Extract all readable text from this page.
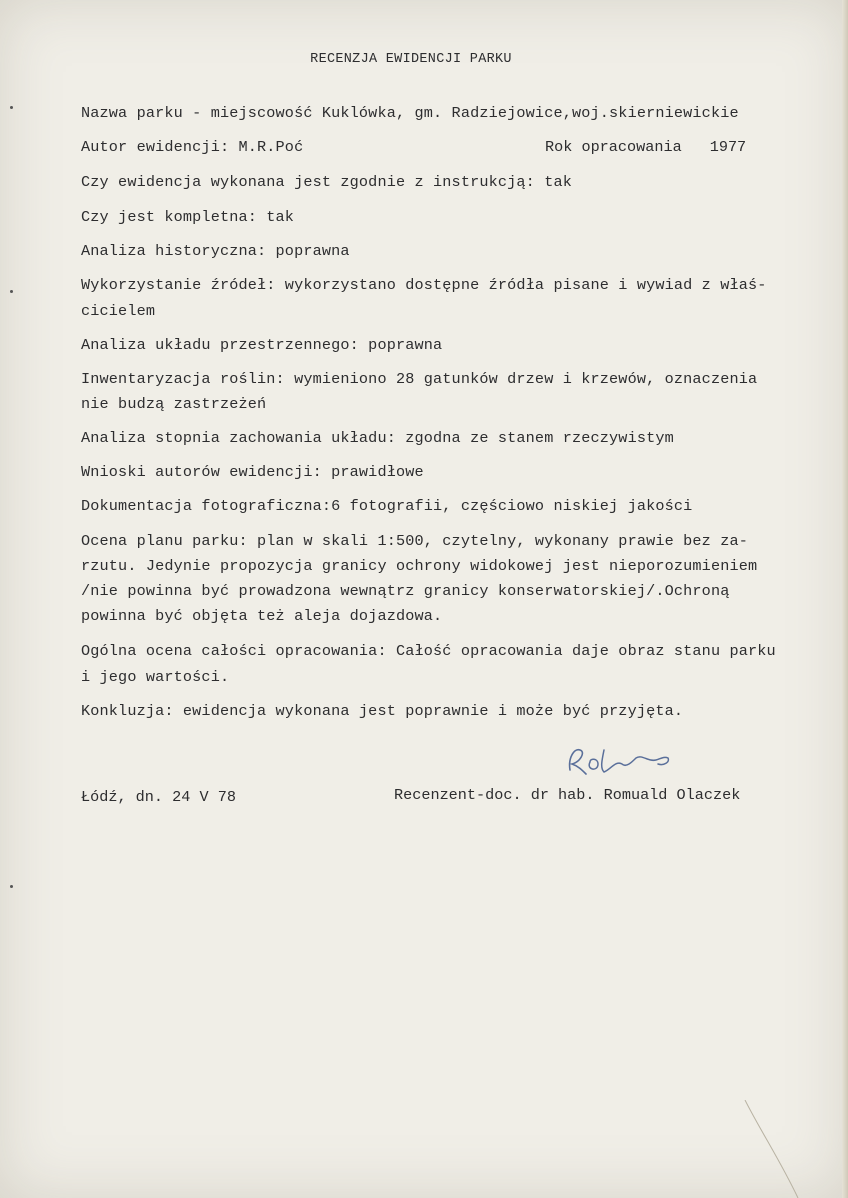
RECENZJA EWIDENCJI PARKU

Nazwa parku - miejscowość Kuklówka, gm. Radziejowice,woj.skierniewickie

Autor ewidencji: M.R.Poć	Rok opracowania 1977

Czy ewidencja wykonana jest zgodnie z instrukcją: tak

Czy jest kompletna: tak

Analiza historyczna: poprawna

Wykorzystanie źródeł: wykorzystano dostępne źródła pisane i wywiad z właś-

cicielem

Analiza układu przestrzennego: poprawna

Inwentaryzacja roślin: wymieniono 28 gatunków drzew i krzewów, oznaczenia

nie budzą zastrzeżeń

Analiza stopnia zachowania układu: zgodna ze stanem rzeczywistym

Wnioski autorów ewidencji: prawidłowe

Dokumentacja fotograficzna:6 fotografii, częściowo niskiej jakości

Ocena planu parku: plan w skali 1:500, czytelny, wykonany prawie bez za-

rzutu. Jedynie propozycja granicy ochrony widokowej jest nieporozumieniem

/nie powinna być prowadzona wewnątrz granicy konserwatorskiej/.Ochroną

powinna być objęta też aleja dojazdowa.

Ogólna ocena całości opracowania: Całość opracowania daje obraz stanu parku

i jego wartości.

Konkluzja: ewidencja wykonana jest poprawnie i może być przyjęta.

Łódź, dn. 24 V 78	Recenzent-doc. dr hab. Romuald Olaczek
